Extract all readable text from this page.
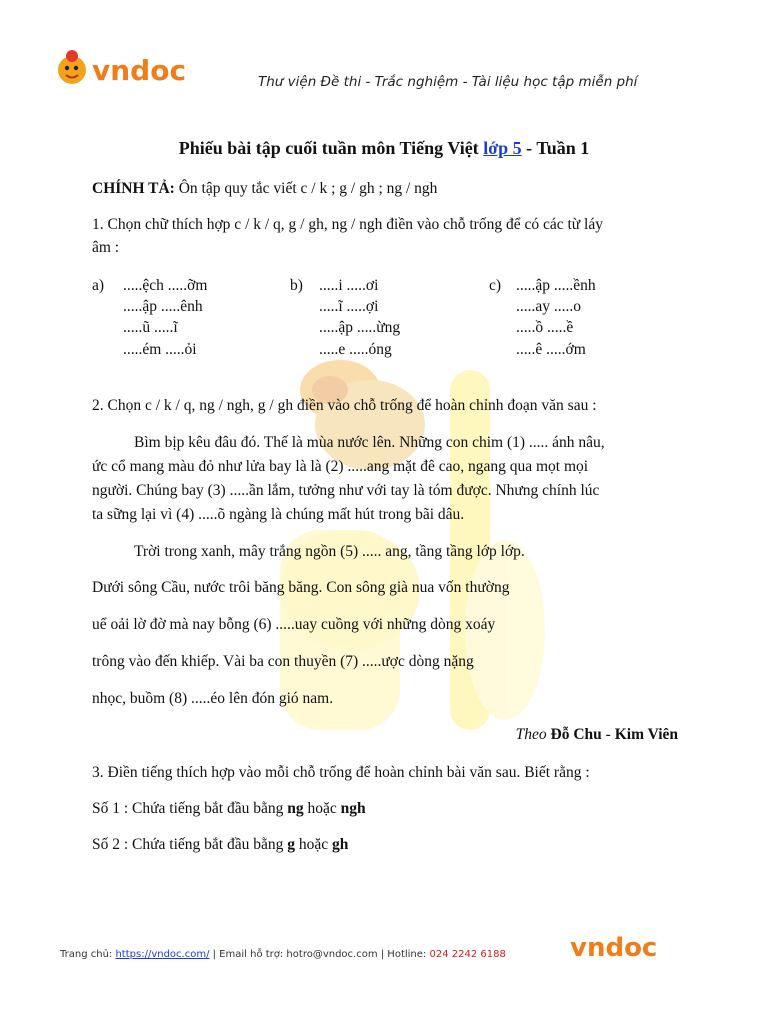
vndoc	Thư viện Đề thi - Trắc nghiệm - Tài liệu học tập miễn phí
Phiếu bài tập cuối tuần môn Tiếng Việt lớp 5 - Tuần 1
CHÍNH TẢ: Ôn tập quy tắc viết c / k ; g / gh ; ng / ngh
1. Chọn chữ thích hợp c / k / q, g / gh, ng / ngh điền vào chỗ trống để có các từ láy
âm :
a) .....ệch .....ỡm
.....ập .....ênh
.....ũ .....ĩ
.....ém .....ỏi
b) .....i .....ơi
.....ĩ .....ợi
.....ập .....ừng
.....e .....óng
c) .....ập .....ềnh
.....ay .....o
.....ồ .....ề
.....ê .....ớm
2. Chọn c / k / q, ng / ngh, g / gh điền vào chỗ trống để hoàn chỉnh đoạn văn sau :
Bìm bịp kêu đâu đó. Thế là mùa nước lên. Những con chim (1) ..... ánh nâu,
ức cổ mang màu đỏ như lửa bay là là (2) .....ang mặt đê cao, ngang qua mọt mọi
người. Chúng bay (3) .....ần lắm, tưởng như với tay là tóm được. Nhưng chính lúc
ta sững lại vì (4) .....õ ngàng là chúng mất hút trong bãi dâu.
Trời trong xanh, mây trắng ngồn (5) ..... ang, tầng tầng lớp lớp.
Dưới sông Cầu, nước trôi băng băng. Con sông già nua vốn thường
uể oải lờ đờ mà nay bỗng (6) .....uay cuồng với những dòng xoáy
trông vào đến khiếp. Vài ba con thuyền (7) .....ược dòng nặng
nhọc, buồm (8) .....éo lên đón gió nam.
Theo Đỗ Chu - Kim Viên
3. Điền tiếng thích hợp vào mỗi chỗ trống để hoàn chỉnh bài văn sau. Biết rằng :
Số 1 : Chứa tiếng bắt đầu bằng ng hoặc ngh
Số 2 : Chứa tiếng bắt đầu bằng g hoặc gh
Trang chủ: https://vndoc.com/ | Email hỗ trợ: hotro@vndoc.com | Hotline: 024 2242 6188 vndoc
